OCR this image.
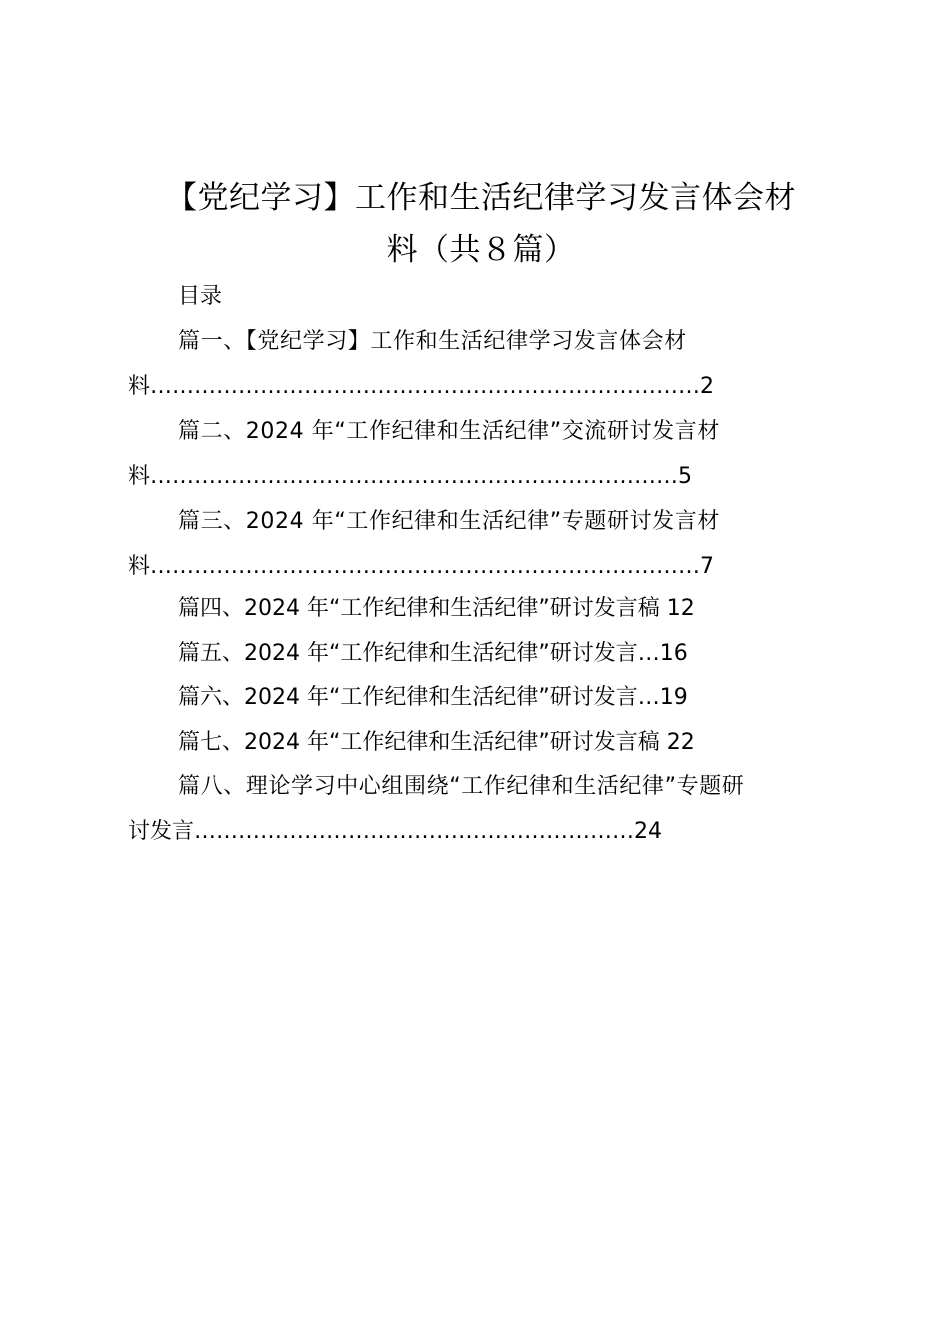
【党纪学习】工作和生活纪律学习发言体会材
料（共８篇）
目录
篇一、【党纪学习】工作和生活纪律学习发言体会材
料…………………………………………………………………2
篇二、2024 年“工作纪律和生活纪律”交流研讨发言材
料………………………………………………………………5
篇三、2024 年“工作纪律和生活纪律”专题研讨发言材
料…………………………………………………………………7
篇四、2024 年“工作纪律和生活纪律”研讨发言稿 12
篇五、2024 年“工作纪律和生活纪律”研讨发言…16
篇六、2024 年“工作纪律和生活纪律”研讨发言…19
篇七、2024 年“工作纪律和生活纪律”研讨发言稿 22
篇八、理论学习中心组围绕“工作纪律和生活纪律”专题研
讨发言……………………………………………………24
